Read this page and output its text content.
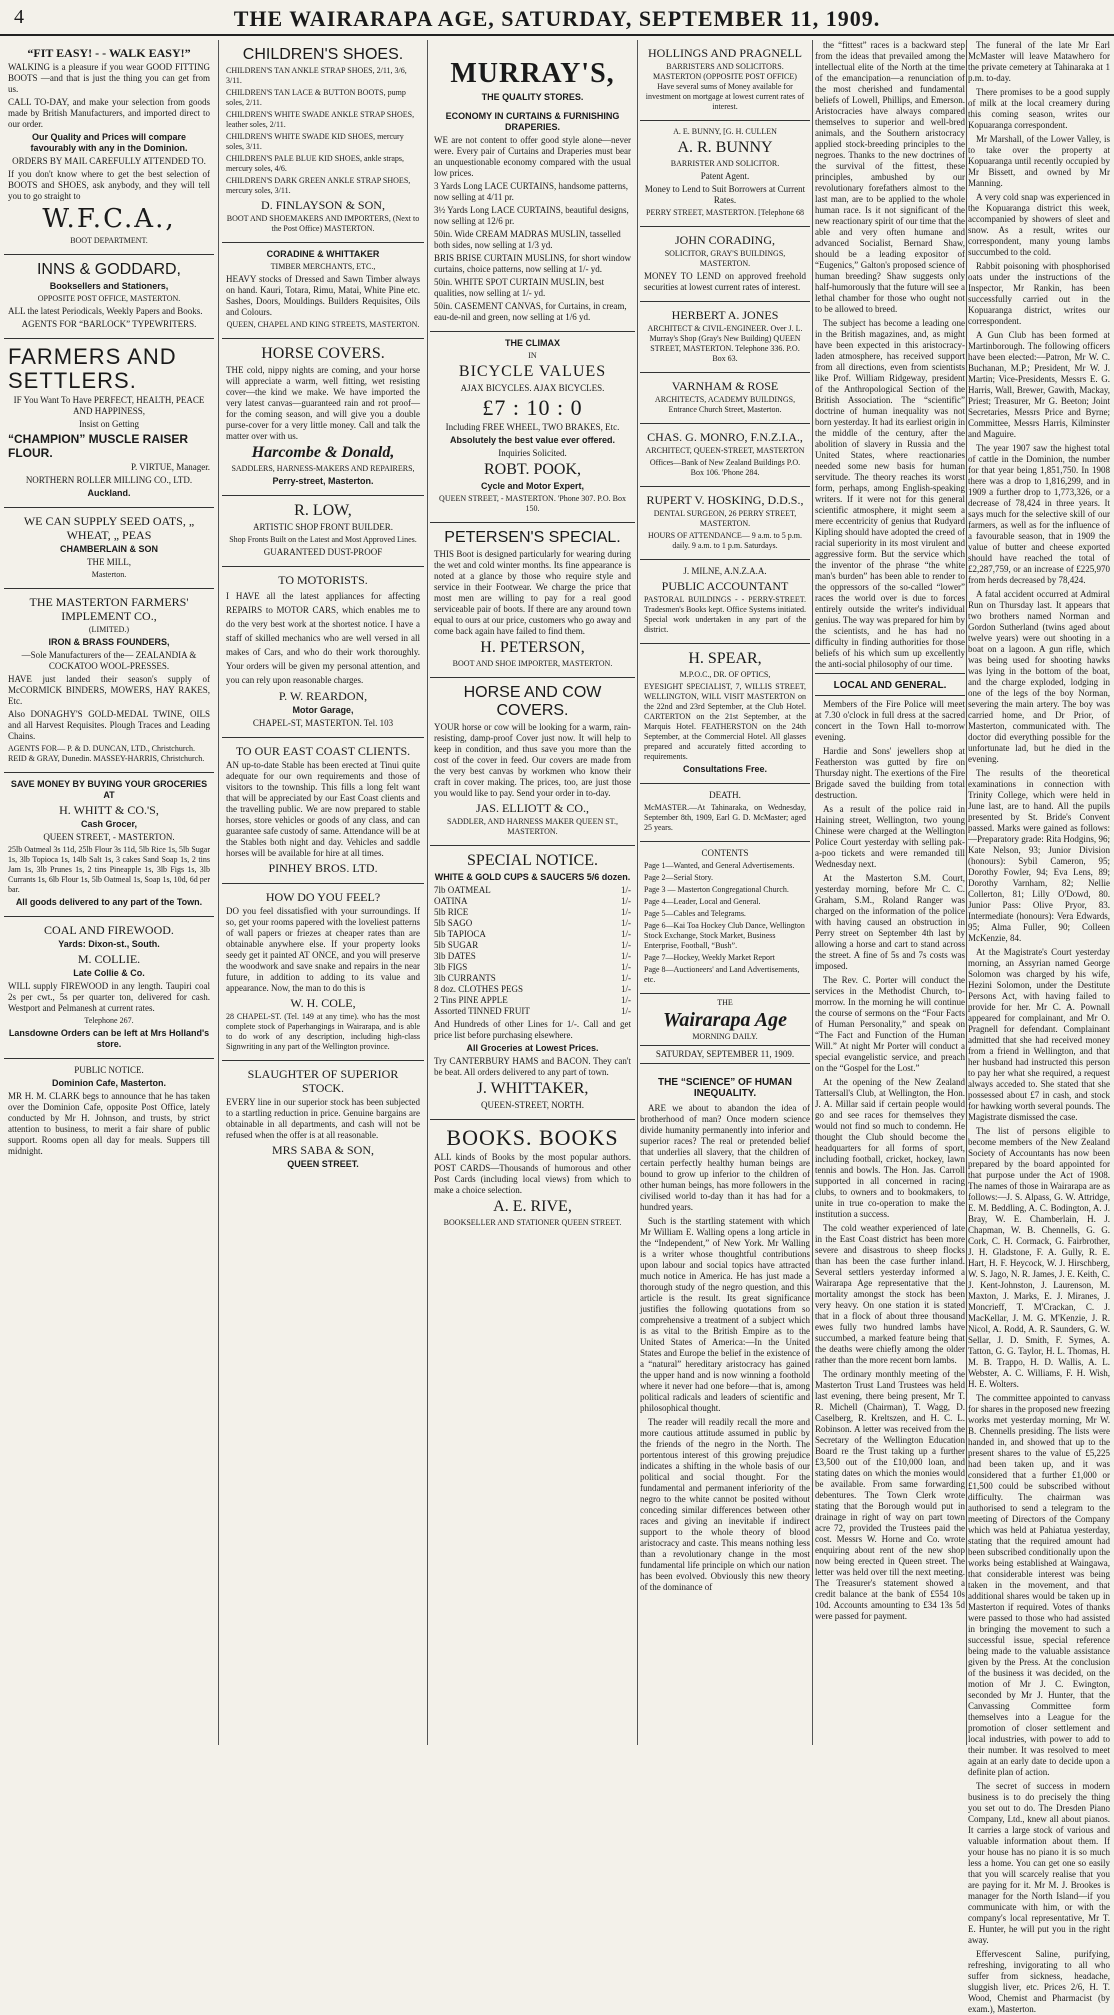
4	THE WAIRARAPA AGE, SATURDAY, SEPTEMBER 11, 1909.

“FIT EASY! - - WALK EASY!”

WALKING is a pleasure if you wear GOOD FITTING BOOTS —and that is just the thing you can get from us.

CALL TO-DAY, and make your selection from goods made by British Manufacturers, and imported direct to our order.

Our Quality and Prices will compare favourably with any in the Dominion.

ORDERS BY MAIL CAREFULLY ATTENDED TO.

If you don't know where to get the best selection of BOOTS and SHOES, ask anybody, and they will tell you to go straight to

W.F.C.A.,

BOOT DEPARTMENT.

INNS & GODDARD,

Booksellers and Stationers,

OPPOSITE POST OFFICE, MASTERTON.

ALL the latest Periodicals, Weekly Papers and Books.

AGENTS FOR “BARLOCK” TYPEWRITERS.

FARMERS AND SETTLERS.

IF You Want To Have PERFECT, HEALTH, PEACE AND HAPPINESS,

Insist on Getting

“CHAMPION” MUSCLE RAISER FLOUR.

P. VIRTUE, Manager.

NORTHERN ROLLER MILLING CO., LTD.

Auckland.

WE CAN SUPPLY SEED OATS, „ WHEAT, „ PEAS

CHAMBERLAIN & SON

THE MILL,

Masterton.

THE MASTERTON FARMERS' IMPLEMENT CO.,

(LIMITED.)

IRON & BRASS FOUNDERS,

—Sole Manufacturers of the— ZEALANDIA & COCKATOO WOOL-PRESSES.

HAVE just landed their season's supply of McCORMICK BINDERS, MOWERS, HAY RAKES, Etc.

Also DONAGHY'S GOLD-MEDAL TWINE, OILS and all Harvest Requisites. Plough Traces and Leading Chains.

AGENTS FOR— P. & D. DUNCAN, LTD., Christchurch. REID & GRAY, Dunedin. MASSEY-HARRIS, Christchurch.

SAVE MONEY BY BUYING YOUR GROCERIES AT

H. WHITT & CO.'S,

Cash Grocer,

QUEEN STREET, - MASTERTON.

25lb Oatmeal 3s 11d, 25lb Flour 3s 11d, 5lb Rice 1s, 5lb Sugar 1s, 3lb Topioca 1s, 14lb Salt 1s, 3 cakes Sand Soap 1s, 2 tins Jam 1s, 3lb Prunes 1s, 2 tins Pineapple 1s, 3lb Figs 1s, 3lb Currants 1s, 6lb Flour 1s, 5lb Oatmeal 1s, Soap 1s, 10d, 6d per bar.

All goods delivered to any part of the Town.

COAL AND FIREWOOD.

Yards: Dixon-st., South.

M. COLLIE.

Late Collie & Co.

WILL supply FIREWOOD in any length. Taupiri coal 2s per cwt., 5s per quarter ton, delivered for cash. Westport and Pelmanesh at current rates.

Telephone 267.

Lansdowne Orders can be left at Mrs Holland's store.

PUBLIC NOTICE.

Dominion Cafe, Masterton.

MR H. M. CLARK begs to announce that he has taken over the Dominion Cafe, opposite Post Office, lately conducted by Mr H. Johnson, and trusts, by strict attention to business, to merit a fair share of public support. Rooms open all day for meals. Suppers till midnight.

CHILDREN'S SHOES.

CHILDREN'S TAN ANKLE STRAP SHOES, 2/11, 3/6, 3/11.

CHILDREN'S TAN LACE & BUTTON BOOTS, pump soles, 2/11.

CHILDREN'S WHITE SWADE ANKLE STRAP SHOES, leather soles, 2/11.

CHILDREN'S WHITE SWADE KID SHOES, mercury soles, 3/11.

CHILDREN'S PALE BLUE KID SHOES, ankle straps, mercury soles, 4/6.

CHILDREN'S DARK GREEN ANKLE STRAP SHOES, mercury soles, 3/11.

D. FINLAYSON & SON,

BOOT AND SHOEMAKERS AND IMPORTERS, (Next to the Post Office) MASTERTON.

CORADINE & WHITTAKER

TIMBER MERCHANTS, ETC.,

HEAVY stocks of Dressed and Sawn Timber always on hand. Kauri, Totara, Rimu, Matai, White Pine etc. Sashes, Doors, Mouldings. Builders Requisites, Oils and Colours.

QUEEN, CHAPEL AND KING STREETS, MASTERTON.

HORSE COVERS.

THE cold, nippy nights are coming, and your horse will appreciate a warm, well fitting, wet resisting cover—the kind we make. We have imported the very latest canvas—guaranteed rain and rot proof—for the coming season, and will give you a double purse-cover for a very little money. Call and talk the matter over with us.

Harcombe & Donald,

SADDLERS, HARNESS-MAKERS AND REPAIRERS,

Perry-street, Masterton.

R. LOW,

ARTISTIC SHOP FRONT BUILDER.

Shop Fronts Built on the Latest and Most Approved Lines.

GUARANTEED DUST-PROOF

TO MOTORISTS.

I HAVE all the latest appliances for affecting REPAIRS to MOTOR CARS, which enables me to do the very best work at the shortest notice. I have a staff of skilled mechanics who are well versed in all makes of Cars, and who do their work thoroughly. Your orders will be given my personal attention, and you can rely upon reasonable charges.

P. W. REARDON,

Motor Garage,

CHAPEL-ST, MASTERTON. Tel. 103

TO OUR EAST COAST CLIENTS.

AN up-to-date Stable has been erected at Tinui quite adequate for our own requirements and those of visitors to the township. This fills a long felt want that will be appreciated by our East Coast clients and the travelling public. We are now prepared to stable horses, store vehicles or goods of any class, and can guarantee safe custody of same. Attendance will be at the Stables both night and day. Vehicles and saddle horses will be available for hire at all times.

PINHEY BROS. LTD.

HOW DO YOU FEEL?

DO you feel dissatisfied with your surroundings. If so, get your rooms papered with the loveliest patterns of wall papers or friezes at cheaper rates than are obtainable anywhere else. If your property looks seedy get it painted AT ONCE, and you will preserve the woodwork and save snake and repairs in the near future, in addition to adding to its value and appearance. Now, the man to do this is

W. H. COLE,

28 CHAPEL-ST. (Tel. 149 at any time). who has the most complete stock of Paperhangings in Wairarapa, and is able to do work of any description, including high-class Signwriting in any part of the Wellington province.

SLAUGHTER OF SUPERIOR STOCK.

EVERY line in our superior stock has been subjected to a startling reduction in price. Genuine bargains are obtainable in all departments, and cash will not be refused when the offer is at all reasonable.

MRS SABA & SON,

QUEEN STREET.

MURRAY'S,

THE QUALITY STORES.

ECONOMY IN CURTAINS & FURNISHING DRAPERIES.

WE are not content to offer good style alone—never were. Every pair of Curtains and Draperies must bear an unquestionable economy compared with the usual low prices.

3 Yards Long LACE CURTAINS, handsome patterns, now selling at 4/11 pr.

3½ Yards Long LACE CURTAINS, beautiful designs, now selling at 12/6 pr.

50in. Wide CREAM MADRAS MUSLIN, tasselled both sides, now selling at 1/3 yd.

BRIS BRISE CURTAIN MUSLINS, for short window curtains, choice patterns, now selling at 1/- yd.

50in. WHITE SPOT CURTAIN MUSLIN, best qualities, now selling at 1/- yd.

50in. CASEMENT CANVAS, for Curtains, in cream, eau-de-nil and green, now selling at 1/6 yd.

THE CLIMAX

IN

BICYCLE VALUES

AJAX BICYCLES. AJAX BICYCLES.

£7 : 10 : 0

Including FREE WHEEL, TWO BRAKES, Etc.

Absolutely the best value ever offered.

Inquiries Solicited.

ROBT. POOK,

Cycle and Motor Expert,

QUEEN STREET, - MASTERTON. 'Phone 307. P.O. Box 150.

PETERSEN'S SPECIAL.

THIS Boot is designed particularly for wearing during the wet and cold winter months. Its fine appearance is noted at a glance by those who require style and service in their Footwear. We charge the price that most men are willing to pay for a real good serviceable pair of boots. If there are any around town equal to ours at our price, customers who go away and come back again have failed to find them.

H. PETERSON,

BOOT AND SHOE IMPORTER, MASTERTON.

HORSE AND COW COVERS.

YOUR horse or cow will be looking for a warm, rain-resisting, damp-proof Cover just now. It will help to keep in condition, and thus save you more than the cost of the cover in feed. Our covers are made from the very best canvas by workmen who know their craft in cover making. The prices, too, are just those you would like to pay. Send your order in to-day.

JAS. ELLIOTT & CO.,

SADDLER, AND HARNESS MAKER QUEEN ST., MASTERTON.

SPECIAL NOTICE.

WHITE & GOLD CUPS & SAUCERS 5/6 dozen.

7lb OATMEAL	1/-
OATINA	1/-
5lb RICE	1/-
5lb SAGO	1/-
5lb TAPIOCA	1/-
5lb SUGAR	1/-
3lb DATES	1/-
3lb FIGS	1/-
3lb CURRANTS	1/-
8 doz. CLOTHES PEGS	1/-
2 Tins PINE APPLE	1/-
Assorted TINNED FRUIT	1/-

And Hundreds of other Lines for 1/-. Call and get price list before purchasing elsewhere.

All Groceries at Lowest Prices.

Try CANTERBURY HAMS and BACON. They can't be beat. All orders delivered to any part of town.

J. WHITTAKER,

QUEEN-STREET, NORTH.

BOOKS. BOOKS

ALL kinds of Books by the most popular authors. POST CARDS—Thousands of humorous and other Post Cards (including local views) from which to make a choice selection.

A. E. RIVE,

BOOKSELLER AND STATIONER QUEEN STREET.

HOLLINGS AND PRAGNELL

BARRISTERS AND SOLICITORS. MASTERTON (OPPOSITE POST OFFICE) Have several sums of Money available for investment on mortgage at lowest current rates of interest.

A. E. BUNNY, [G. H. CULLEN

A. R. BUNNY

BARRISTER AND SOLICITOR.

Patent Agent.

Money to Lend to Suit Borrowers at Current Rates.

PERRY STREET, MASTERTON. [Telephone 68

JOHN CORADING,

SOLICITOR, GRAY'S BUILDINGS, MASTERTON.

MONEY TO LEND on approved freehold securities at lowest current rates of interest.

HERBERT A. JONES

ARCHITECT & CIVIL-ENGINEER. Over J. L. Murray's Shop (Gray's New Building) QUEEN STREET, MASTERTON. Telephone 336. P.O. Box 63.

VARNHAM & ROSE

ARCHITECTS, ACADEMY BUILDINGS, Entrance Church Street, Masterton.

CHAS. G. MONRO, F.N.Z.I.A.,

ARCHITECT, QUEEN-STREET, MASTERTON

Offices—Bank of New Zealand Buildings P.O. Box 106. 'Phone 284.

RUPERT V. HOSKING, D.D.S.,

DENTAL SURGEON, 26 PERRY STREET, MASTERTON.

HOURS OF ATTENDANCE— 9 a.m. to 5 p.m. daily. 9 a.m. to 1 p.m. Saturdays.

J. MILNE, A.N.Z.A.A.

PUBLIC ACCOUNTANT

PASTORAL BUILDINGS - - PERRY-STREET. Tradesmen's Books kept. Office Systems initiated. Special work undertaken in any part of the district.

H. SPEAR,

M.P.O.C., DR. OF OPTICS,

EYESIGHT SPECIALIST, 7, WILLIS STREET, WELLINGTON, WILL VISIT MASTERTON on the 22nd and 23rd September, at the Club Hotel. CARTERTON on the 21st September, at the Marquis Hotel. FEATHERSTON on the 24th September, at the Commercial Hotel. All glasses prepared and accurately fitted according to requirements.

Consultations Free.

DEATH.

McMASTER.—At Tahinaraka, on Wednesday, September 8th, 1909, Earl G. D. McMaster; aged 25 years.

CONTENTS

Page 1—Wanted, and General Advertisements.

Page 2—Serial Story.

Page 3 — Masterton Congregational Church.

Page 4—Leader, Local and General.

Page 5—Cables and Telegrams.

Page 6—Kai Toa Hockey Club Dance, Wellington Stock Exchange, Stock Market, Business Enterprise, Football, “Bush”.

Page 7—Hockey, Weekly Market Report

Page 8—Auctioneers' and Land Advertisements, etc.

THE

Wairarapa Age

MORNING DAILY.

SATURDAY, SEPTEMBER 11, 1909.

THE “SCIENCE” OF HUMAN INEQUALITY.

ARE we about to abandon the idea of brotherhood of man? Once modern science divide humanity permanently into inferior and superior races? The real or pretended belief that underlies all slavery, that the children of certain perfectly healthy human beings are bound to grow up inferior to the children of other human beings, has more followers in the civilised world to-day than it has had for a hundred years.

Such is the startling statement with which Mr William E. Walling opens a long article in the “Independent,” of New York. Mr Walling is a writer whose thoughtful contributions upon labour and social topics have attracted much notice in America. He has just made a thorough study of the negro question, and this article is the result. Its great significance justifies the following quotations from so comprehensive a treatment of a subject which is as vital to the British Empire as to the United States of America:—In the United States and Europe the belief in the existence of a “natural” hereditary aristocracy has gained the upper hand and is now winning a foothold where it never had one before—that is, among political radicals and leaders of scientific and philosophical thought.

The reader will readily recall the more and more cautious attitude assumed in public by the friends of the negro in the North. The portentous interest of this growing prejudice indicates a shifting in the whole basis of our political and social thought. For the fundamental and permanent inferiority of the negro to the white cannot be posited without conceding similar differences between other races and giving an inevitable if indirect support to the whole theory of blood aristocracy and caste. This means nothing less than a revolutionary change in the most fundamental life principle on which our nation has been evolved. Obviously this new theory of the dominance of

the “fittest” races is a backward step from the ideas that prevailed among the intellectual elite of the North at the time of the emancipation—a renunciation of the most cherished and fundamental beliefs of Lowell, Phillips, and Emerson. Aristocracies have always compared themselves to superior and well-bred animals, and the Southern aristocracy applied stock-breeding principles to the negroes. Thanks to the new doctrines of the survival of the fittest, these principles, ambushed by our revolutionary forefathers almost to the last man, are to be applied to the whole human race. Is it not significant of the new reactionary spirit of our time that the able and very often humane and advanced Socialist, Bernard Shaw, should be a leading expositor of “Eugenics,” Galton's proposed science of human breeding? Shaw suggests only half-humorously that the future will see a lethal chamber for those who ought not to be allowed to breed.

The subject has become a leading one in the British magazines, and, as might have been expected in this aristocracy-laden atmosphere, has received support from all directions, even from scientists like Prof. William Ridgeway, president of the Anthropological Section of the British Association. The “scientific” doctrine of human inequality was not born yesterday. It had its earliest origin in the middle of the century, after the abolition of slavery in Russia and the United States, where reactionaries needed some new basis for human servitude. The theory reaches its worst form, perhaps, among English-speaking writers. If it were not for this general scientific atmosphere, it might seem a mere eccentricity of genius that Rudyard Kipling should have adopted the creed of racial superiority in its most virulent and aggressive form. But the service which the inventor of the phrase “the white man's burden” has been able to render to the oppressors of the so-called “lower” races the world over is due to forces entirely outside the writer's individual genius. The way was prepared for him by the scientists, and he has had no difficulty in finding authorities for those beliefs of his which sum up excellently the anti-social philosophy of our time.

LOCAL AND GENERAL.

Members of the Fire Police will meet at 7.30 o'clock in full dress at the sacred concert in the Town Hall to-morrow evening.

Hardie and Sons' jewellers shop at Featherston was gutted by fire on Thursday night. The exertions of the Fire Brigade saved the building from total destruction.

As a result of the police raid in Haining street, Wellington, two young Chinese were charged at the Wellington Police Court yesterday with selling pak-a-poo tickets and were remanded till Wednesday next.

At the Masterton S.M. Court, yesterday morning, before Mr C. C. Graham, S.M., Roland Ranger was charged on the information of the police with having caused an obstruction in Perry street on September 4th last by allowing a horse and cart to stand across the street. A fine of 5s and 7s costs was imposed.

The Rev. C. Porter will conduct the services in the Methodist Church, to-morrow. In the morning he will continue the course of sermons on the “Four Facts of Human Personality,” and speak on “The Fact and Function of the Human Will.” At night Mr Porter will conduct a special evangelistic service, and preach on the “Gospel for the Lost.”

At the opening of the New Zealand Tattersall's Club, at Wellington, the Hon. J. A. Millar said if certain people would go and see races for themselves they would not find so much to condemn. He thought the Club should become the headquarters for all forms of sport, including football, cricket, hockey, lawn tennis and bowls. The Hon. Jas. Carroll supported in all concerned in racing clubs, to owners and to bookmakers, to unite in true co-operation to make the institution a success.

The cold weather experienced of late in the East Coast district has been more severe and disastrous to sheep flocks than has been the case further inland. Several settlers yesterday informed a Wairarapa Age representative that the mortality amongst the stock has been very heavy. On one station it is stated that in a flock of about three thousand ewes fully two hundred lambs have succumbed, a marked feature being that the deaths were chiefly among the older rather than the more recent born lambs.

The ordinary monthly meeting of the Masterton Trust Land Trustees was held last evening, there being present, Mr T. R. Michell (Chairman), T. Wagg, D. Caselberg, R. Kreltszen, and H. C. L. Robinson. A letter was received from the Secretary of the Wellington Education Board re the Trust taking up a further £3,500 out of the £10,000 loan, and stating dates on which the monies would be available. From same forwarding debentures. The Town Clerk wrote stating that the Borough would put in drainage in right of way on part town acre 72, provided the Trustees paid the cost. Messrs W. Horne and Co. wrote enquiring about rent of the new shop now being erected in Queen street. The letter was held over till the next meeting. The Treasurer's statement showed a credit balance at the bank of £554 10s 10d. Accounts amounting to £34 13s 5d were passed for payment.

The funeral of the late Mr Earl McMaster will leave Matawhero for the private cemetery at Tahinaraka at 1 p.m. to-day.

There promises to be a good supply of milk at the local creamery during this coming season, writes our Kopuaranga correspondent.

Mr Marshall, of the Lower Valley, is to take over the property at Kopuaranga until recently occupied by Mr Bissett, and owned by Mr Manning.

A very cold snap was experienced in the Kopuaranga district this week, accompanied by showers of sleet and snow. As a result, writes our correspondent, many young lambs succumbed to the cold.

Rabbit poisoning with phosphorised oats under the instructions of the Inspector, Mr Rankin, has been successfully carried out in the Kopuaranga district, writes our correspondent.

A Gun Club has been formed at Martinborough. The following officers have been elected:—Patron, Mr W. C. Buchanan, M.P.; President, Mr W. J. Martin; Vice-Presidents, Messrs E. G. Harris, Wall, Brewer, Gawith, Mackay, Priest; Treasurer, Mr G. Beeton; Joint Secretaries, Messrs Price and Byrne; Committee, Messrs Harris, Kilminster and Maguire.

The year 1907 saw the highest total of cattle in the Dominion, the number for that year being 1,851,750. In 1908 there was a drop to 1,816,299, and in 1909 a further drop to 1,773,326, or a decrease of 78,424 in three years. It says much for the selective skill of our farmers, as well as for the influence of a favourable season, that in 1909 the value of butter and cheese exported should have reached the total of £2,287,759, or an increase of £225,970 from herds decreased by 78,424.

A fatal accident occurred at Admiral Run on Thursday last. It appears that two brothers named Norman and Gordon Sutherland (twins aged about twelve years) were out shooting in a boat on a lagoon. A gun rifle, which was being used for shooting hawks was lying in the bottom of the boat, and the charge exploded, lodging in one of the legs of the boy Norman, severing the main artery. The boy was carried home, and Dr Prior, of Masterton, communicated with. The doctor did everything possible for the unfortunate lad, but he died in the evening.

The results of the theoretical examinations in connection with Trinity College, which were held in June last, are to hand. All the pupils presented by St. Bride's Convent passed. Marks were gained as follows:—Preparatory grade: Rita Hodgins, 96; Kate Nelson, 93; Junior Division (honours): Sybil Cameron, 95; Dorothy Fowler, 94; Eva Lens, 89; Dorothy Varnham, 82; Nellie Collerton, 81; Lilly O'Dowd, 80. Junior Pass: Olive Pryor, 83. Intermediate (honours): Vera Edwards, 95; Alma Fuller, 90; Colleen McKenzie, 84.

At the Magistrate's Court yesterday morning, an Assyrian named George Solomon was charged by his wife, Hezini Solomon, under the Destitute Persons Act, with having failed to provide for her. Mr C. A. Pownall appeared for complainant, and Mr O. Pragnell for defendant. Complainant admitted that she had received money from a friend in Wellington, and that her husband had instructed this person to pay her what she required, a request always acceded to. She stated that she possessed about £7 in cash, and stock for hawking worth several pounds. The Magistrate dismissed the case.

The list of persons eligible to become members of the New Zealand Society of Accountants has now been prepared by the board appointed for that purpose under the Act of 1908. The names of those in Wairarapa are as follows:—J. S. Alpass, G. W. Attridge, E. M. Beddling, A. C. Bodington, A. J. Bray, W. E. Chamberlain, H. J. Chapman, W. B. Chennells, G. G. Cork, C. H. Cormack, G. Fairbrother, J. H. Gladstone, F. A. Gully, R. E. Hart, H. F. Heycock, W. J. Hirschberg, W. S. Jago, N. R. James, J. E. Keith, C. J. Kent-Johnston, J. Laurenson, M. Maxton, J. Marks, E. J. Miranes, J. Moncrieff, T. M'Crackan, C. J. MacKellar, J. M. G. M'Kenzie, J. R. Nicol, A. Rodd, A. R. Saunders, G. W. Sellar, J. D. Smith, F. Symes, A. Tatton, G. G. Taylor, H. L. Thomas, H. M. B. Trappo, H. D. Wallis, A. L. Webster, A. C. Williams, F. H. Wish, H. E. Wolters.

The committee appointed to canvass for shares in the proposed new freezing works met yesterday morning, Mr W. B. Chennells presiding. The lists were handed in, and showed that up to the present shares to the value of £5,225 had been taken up, and it was considered that a further £1,000 or £1,500 could be subscribed without difficulty. The chairman was authorised to send a telegram to the meeting of Directors of the Company which was held at Pahiatua yesterday, stating that the required amount had been subscribed conditionally upon the works being established at Waingawa, that considerable interest was being taken in the movement, and that additional shares would be taken up in Masterton if required. Votes of thanks were passed to those who had assisted in bringing the movement to such a successful issue, special reference being made to the valuable assistance given by the Press. At the conclusion of the business it was decided, on the motion of Mr J. C. Ewington, seconded by Mr J. Hunter, that the Canvassing Committee form themselves into a League for the promotion of closer settlement and local industries, with power to add to their number. It was resolved to meet again at an early date to decide upon a definite plan of action.

The secret of success in modern business is to do precisely the thing you set out to do. The Dresden Piano Company, Ltd., knew all about pianos. It carries a large stock of various and valuable information about them. If your house has no piano it is so much less a home. You can get one so easily that you will scarcely realise that you are paying for it. Mr M. J. Brookes is manager for the North Island—if you communicate with him, or with the company's local representative, Mr T. E. Hunter, he will put you in the right away.

Effervescent Saline, purifying, refreshing, invigorating to all who suffer from sickness, headache, sluggish liver, etc. Prices 2/6, H. T. Wood, Chemist and Pharmacist (by exam.), Masterton.
